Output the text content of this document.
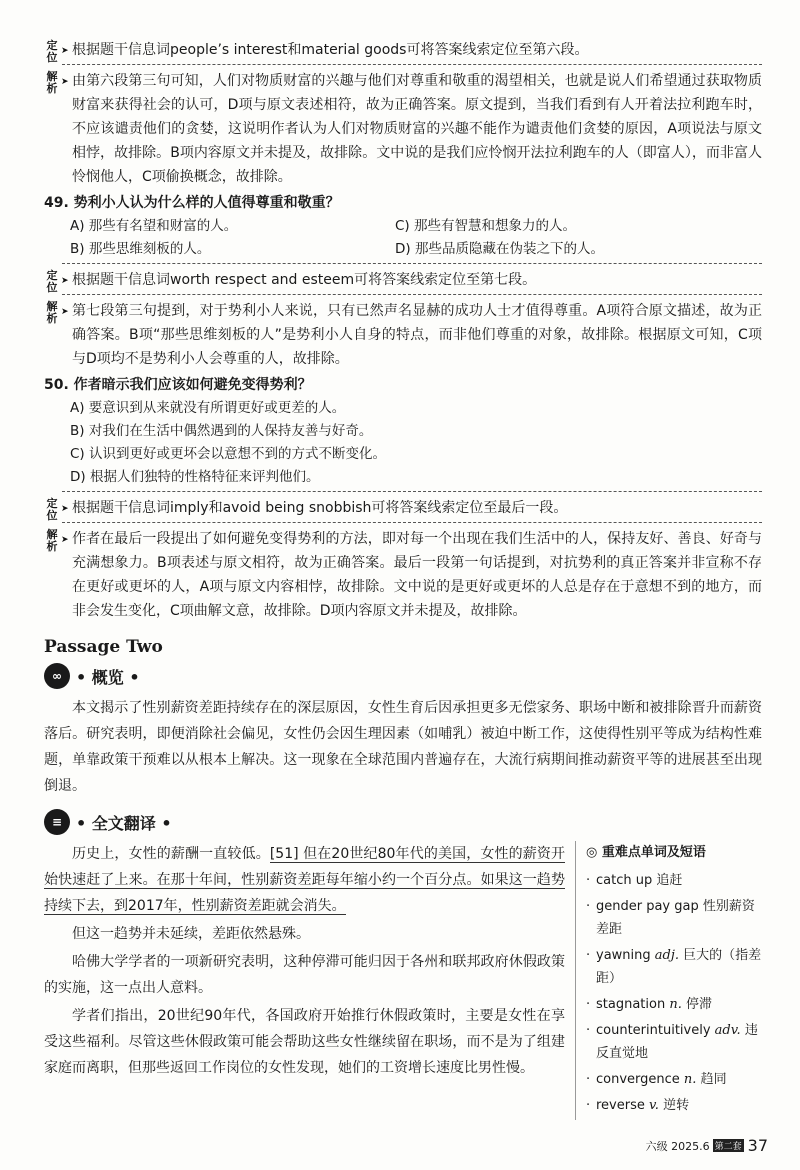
定位 ➤ 根据题干信息词people’s interest和material goods可将答案线索定位至第六段。
解析 ➤ 由第六段第三句可知，人们对物质财富的兴趣与他们对尊重和敬重的渴望相关，也就是说人们希望通过获取物质财富来获得社会的认可，D项与原文表述相符，故为正确答案。原文提到，当我们看到有人开着法拉利跑车时，不应该谴责他们的贪婪，这说明作者认为人们对物质财富的兴趣不能作为谴责他们贪婪的原因，A项说法与原文相悖，故排除。B项内容原文并未提及，故排除。文中说的是我们应怜悯开法拉利跑车的人（即富人），而非富人怜悯他人，C项偷换概念，故排除。
49. 势利小人认为什么样的人值得尊重和敬重？
A) 那些有名望和财富的人。	C) 那些有智慧和想象力的人。
B) 那些思维刻板的人。	D) 那些品质隐藏在伪装之下的人。
定位 ➤ 根据题干信息词worth respect and esteem可将答案线索定位至第七段。
解析 ➤ 第七段第三句提到，对于势利小人来说，只有已然声名显赫的成功人士才值得尊重。A项符合原文描述，故为正确答案。B项“那些思维刻板的人”是势利小人自身的特点，而非他们尊重的对象，故排除。根据原文可知，C项与D项均不是势利小人会尊重的人，故排除。
50. 作者暗示我们应该如何避免变得势利？
A) 要意识到从来就没有所谓更好或更差的人。
B) 对我们在生活中偶然遇到的人保持友善与好奇。
C) 认识到更好或更坏会以意想不到的方式不断变化。
D) 根据人们独特的性格特征来评判他们。
定位 ➤ 根据题干信息词imply和avoid being snobbish可将答案线索定位至最后一段。
解析 ➤ 作者在最后一段提出了如何避免变得势利的方法，即对每一个出现在我们生活中的人，保持友好、善良、好奇与充满想象力。B项表述与原文相符，故为正确答案。最后一段第一句话提到，对抗势利的真正答案并非宣称不存在更好或更坏的人，A项与原文内容相悖，故排除。文中说的是更好或更坏的人总是存在于意想不到的地方，而非会发生变化，C项曲解文意，故排除。D项内容原文并未提及，故排除。
Passage Two
∞ • 概览 •
本文揭示了性别薪资差距持续存在的深层原因，女性生育后因承担更多无偿家务、职场中断和被排除晋升而薪资落后。研究表明，即便消除社会偏见，女性仍会因生理因素（如哺乳）被迫中断工作，这使得性别平等成为结构性难题，单靠政策干预难以从根本上解决。这一现象在全球范围内普遍存在，大流行病期间推动薪资平等的进展甚至出现倒退。
≡ • 全文翻译 •

历史上，女性的薪酬一直较低。[51] 但在20世纪80年代的美国，女性的薪资开始快速赶了上来。在那十年间，性别薪资差距每年缩小约一个百分点。如果这一趋势持续下去，到2017年，性别薪资差距就会消失。

但这一趋势并未延续，差距依然悬殊。

哈佛大学学者的一项新研究表明，这种停滞可能归因于各州和联邦政府休假政策的实施，这一点出人意料。

学者们指出，20世纪90年代，各国政府开始推行休假政策时，主要是女性在享受这些福利。尽管这些休假政策可能会帮助这些女性继续留在职场，而不是为了组建家庭而离职，但那些返回工作岗位的女性发现，她们的工资增长速度比男性慢。

◎ 重难点单词及短语
· catch up 追赶
· gender pay gap 性别薪资差距
· yawning adj. 巨大的（指差距）
· stagnation n. 停滞
· counterintuitively adv. 违反直觉地
· convergence n. 趋同
· reverse v. 逆转
六级 2025.6 第二套 37
